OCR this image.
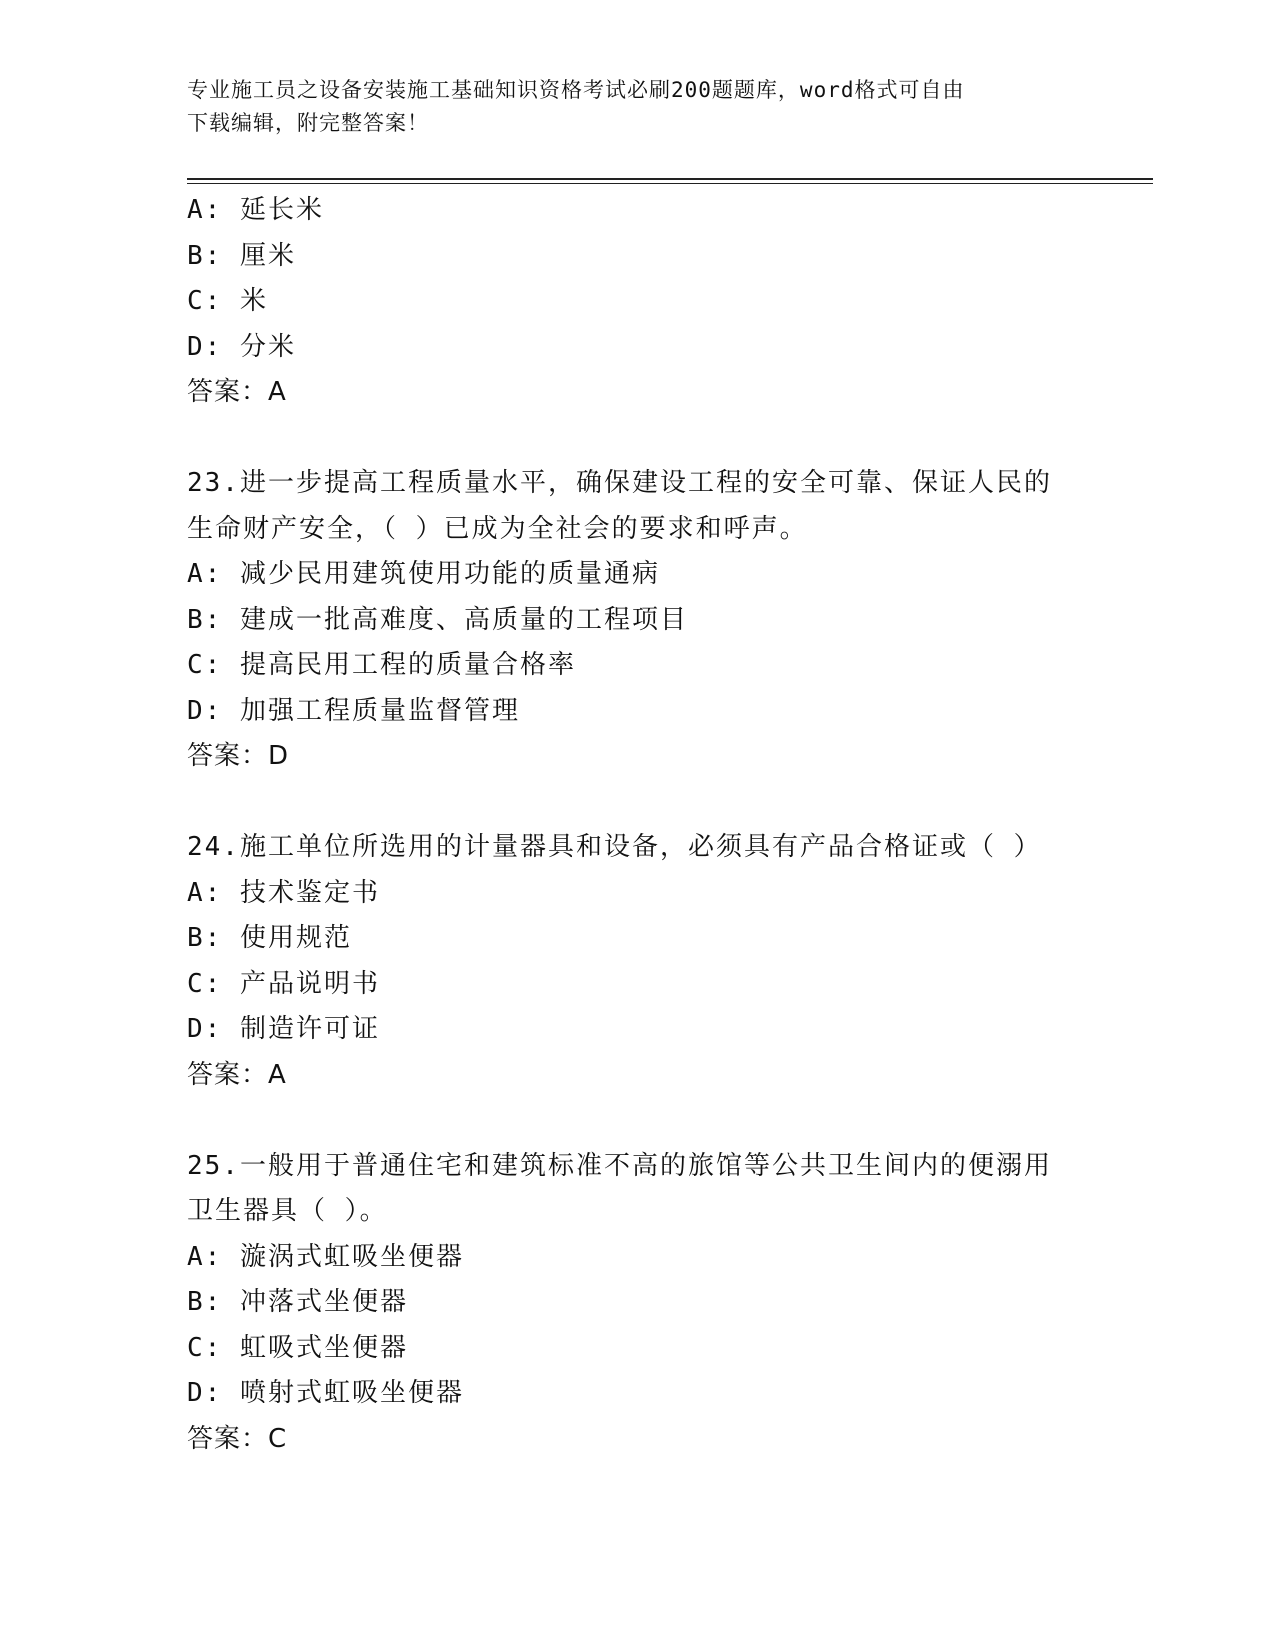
专业施工员之设备安装施工基础知识资格考试必刷200题题库，word格式可自由
下载编辑，附完整答案！
A: 延长米
B: 厘米
C: 米
D: 分米
答案：A
23.进一步提高工程质量水平，确保建设工程的安全可靠、保证人民的
生命财产安全，（ ）已成为全社会的要求和呼声。
A: 减少民用建筑使用功能的质量通病
B: 建成一批高难度、高质量的工程项目
C: 提高民用工程的质量合格率
D: 加强工程质量监督管理
答案：D
24.施工单位所选用的计量器具和设备，必须具有产品合格证或（ ）
A: 技术鉴定书
B: 使用规范
C: 产品说明书
D: 制造许可证
答案：A
25.一般用于普通住宅和建筑标准不高的旅馆等公共卫生间内的便溺用
卫生器具（ ）。
A: 漩涡式虹吸坐便器
B: 冲落式坐便器
C: 虹吸式坐便器
D: 喷射式虹吸坐便器
答案：C
